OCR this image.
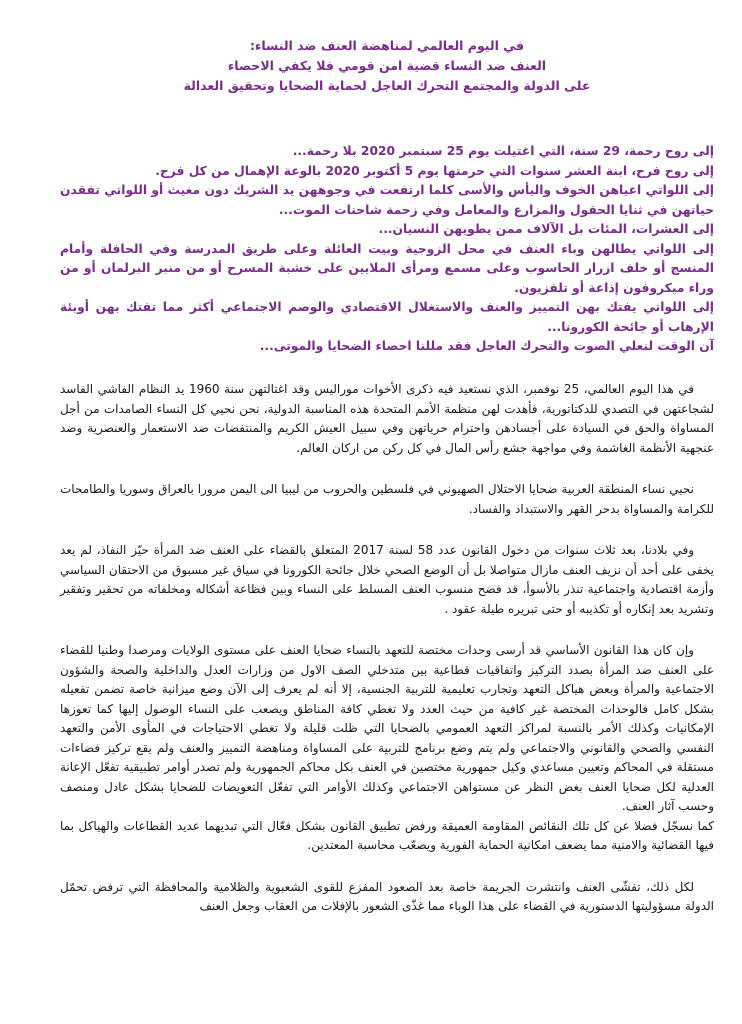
في اليوم العالمي لمناهضة العنف ضد النساء:
العنف ضد النساء قضية امن قومي فلا يكفي الاحصاء
على الدولة والمجتمع التحرك العاجل لحماية الضحايا وتحقيق العدالة

إلى روح رحمة، 29 سنة، التي اغتيلت يوم 25 سبتمبر 2020 بلا رحمة...

إلى روح فرح، ابنة العشر سنوات التي حرمتها يوم 5 أكتوبر 2020 بالوعة الإهمال من كل فرح.

إلى اللواتي اعياهن الخوف واليأس والأسى كلما ارتفعت في وجوههن يد الشريك دون مغيث أو اللواتي تفقدن حياتهن في ثنايا الحقول والمزارع والمعامل وفي زحمة شاحنات الموت...

إلى العشرات، المئات بل الآلاف ممن يطويهن النسيان...

إلى اللواتي يطالهن وباء العنف في محل الزوجية وبيت العائلة وعلى طريق المدرسة وفي الحافلة وأمام المنسج أو خلف ازرار الحاسوب وعلى مسمع ومرأى الملايين على خشبة المسرح أو من منبر البرلمان أو من وراء ميكروفون إذاعة أو تلفزيون.

إلى اللواتي يفتك بهن التمييز والعنف والاستغلال الاقتصادي والوصم الاجتماعي أكثر مما تفتك بهن أوبئة الإرهاب أو جائحة الكورونا...

آن الوقت لنعلي الصوت والتحرك العاجل فقد مللنا احصاء الضحايا والموتى...

في هذا اليوم العالمي، 25 نوفمبر، الذي نستعيد فيه ذكرى الأخوات موراليس وقد اغتالتهن سنة 1960 يد النظام الفاشي الفاسد لشجاعتهن في التصدي للدكتاتورية، فأهدت لهن منظمة الأمم المتحدة هذه المناسبة الدولية، نحن نحيي كل النساء الصامدات من أجل المساواة والحق في السيادة على أجسادهن واحترام حرياتهن وفي سبيل العيش الكريم والمنتفضات ضد الاستعمار والعنصرية وضد عنجهية الأنظمة الغاشمة وفي مواجهة جشع رأس المال في كل ركن من اركان العالم.

نحيي نساء المنطقة العربية ضحايا الاحتلال الصهيوني في فلسطين والحروب من ليبيا الى اليمن مرورا بالعراق وسوريا والطامحات للكرامة والمساواة بدحر القهر والاستبداد والفساد.

وفي بلادنا، بعد ثلاث سنوات من دخول القانون عدد 58 لسنة 2017 المتعلق بالقضاء على العنف ضد المرأة حيّز النفاذ، لم يعد يخفى على أحد أن نزيف العنف مازال متواصلا بل أن الوضع الصحي خلال جائحة الكورونا في سياق غير مسبوق من الاحتقان السياسي وأزمة اقتصادية واجتماعية تنذر بالأسوأ، قد فضح منسوب العنف المسلط على النساء وبين فظاعة أشكاله ومخلفاته من تحقير وتفقير وتشريد بعد إنكاره أو تكذيبه أو حتى تبريره طيلة عقود .

وإن كان هذا القانون الأساسي قد أرسى وحدات مختصة للتعهد بالنساء ضحايا العنف على مستوى الولايات ومرصدا وطنيا للقضاء على العنف ضد المرأة بصدد التركيز واتفاقيات قطاعية بين متدخلي الصف الاول من وزارات العدل والداخلية والصحة والشؤون الاجتماعية والمرأة وبعض هياكل التعهد وتجارب تعليمية للتربية الجنسية، إلا أنه لم يعرف إلى الآن وضع ميزانية خاصة تضمن تفعيله بشكل كامل فالوحدات المختصة غير كافية من حيث العدد ولا تغطي كافة المناطق ويصعب على النساء الوصول إليها كما تعوزها الإمكانيات وكذلك الأمر بالنسبة لمراكز التعهد العمومي بالضحايا التي ظلت قليلة ولا تغطي الاحتياجات في المأوى الأمن والتعهد النفسي والصحي والقانوني والاجتماعي ولم يتم وضع برنامج للتربية على المساواة ومناهضة التمييز والعنف ولم يقع تركيز فضاءات مستقلة في المحاكم وتعيين مساعدي وكيل جمهورية مختصين في العنف بكل محاكم الجمهورية ولم تصدر أوامر تطبيقية تفعّل الإعانة العدلية لكل ضحايا العنف بغض النظر عن مستواهن الاجتماعي وكذلك الأوامر التي تفعّل التعويضات للضحايا بشكل عادل ومنصف وحسب آثار العنف.

كما نسجّل فضلا عن كل تلك النقائص المقاومة العميقة ورفض تطبيق القانون بشكل فعّال التي تبديهما عديد القطاعات والهياكل بما فيها القضائية والامنية مما يضعف امكانية الحماية الفورية ويصعّب محاسبة المعتدين.

لكل ذلك، تفشّى العنف وانتشرت الجريمة خاصة بعد الصعود المفزع للقوى الشعبوية والظلامية والمحافظة التي ترفض تحمّل الدولة مسؤوليتها الدستورية في القضاء على هذا الوباء مما غذّى الشعور بالإفلات من العقاب وجعل العنف
